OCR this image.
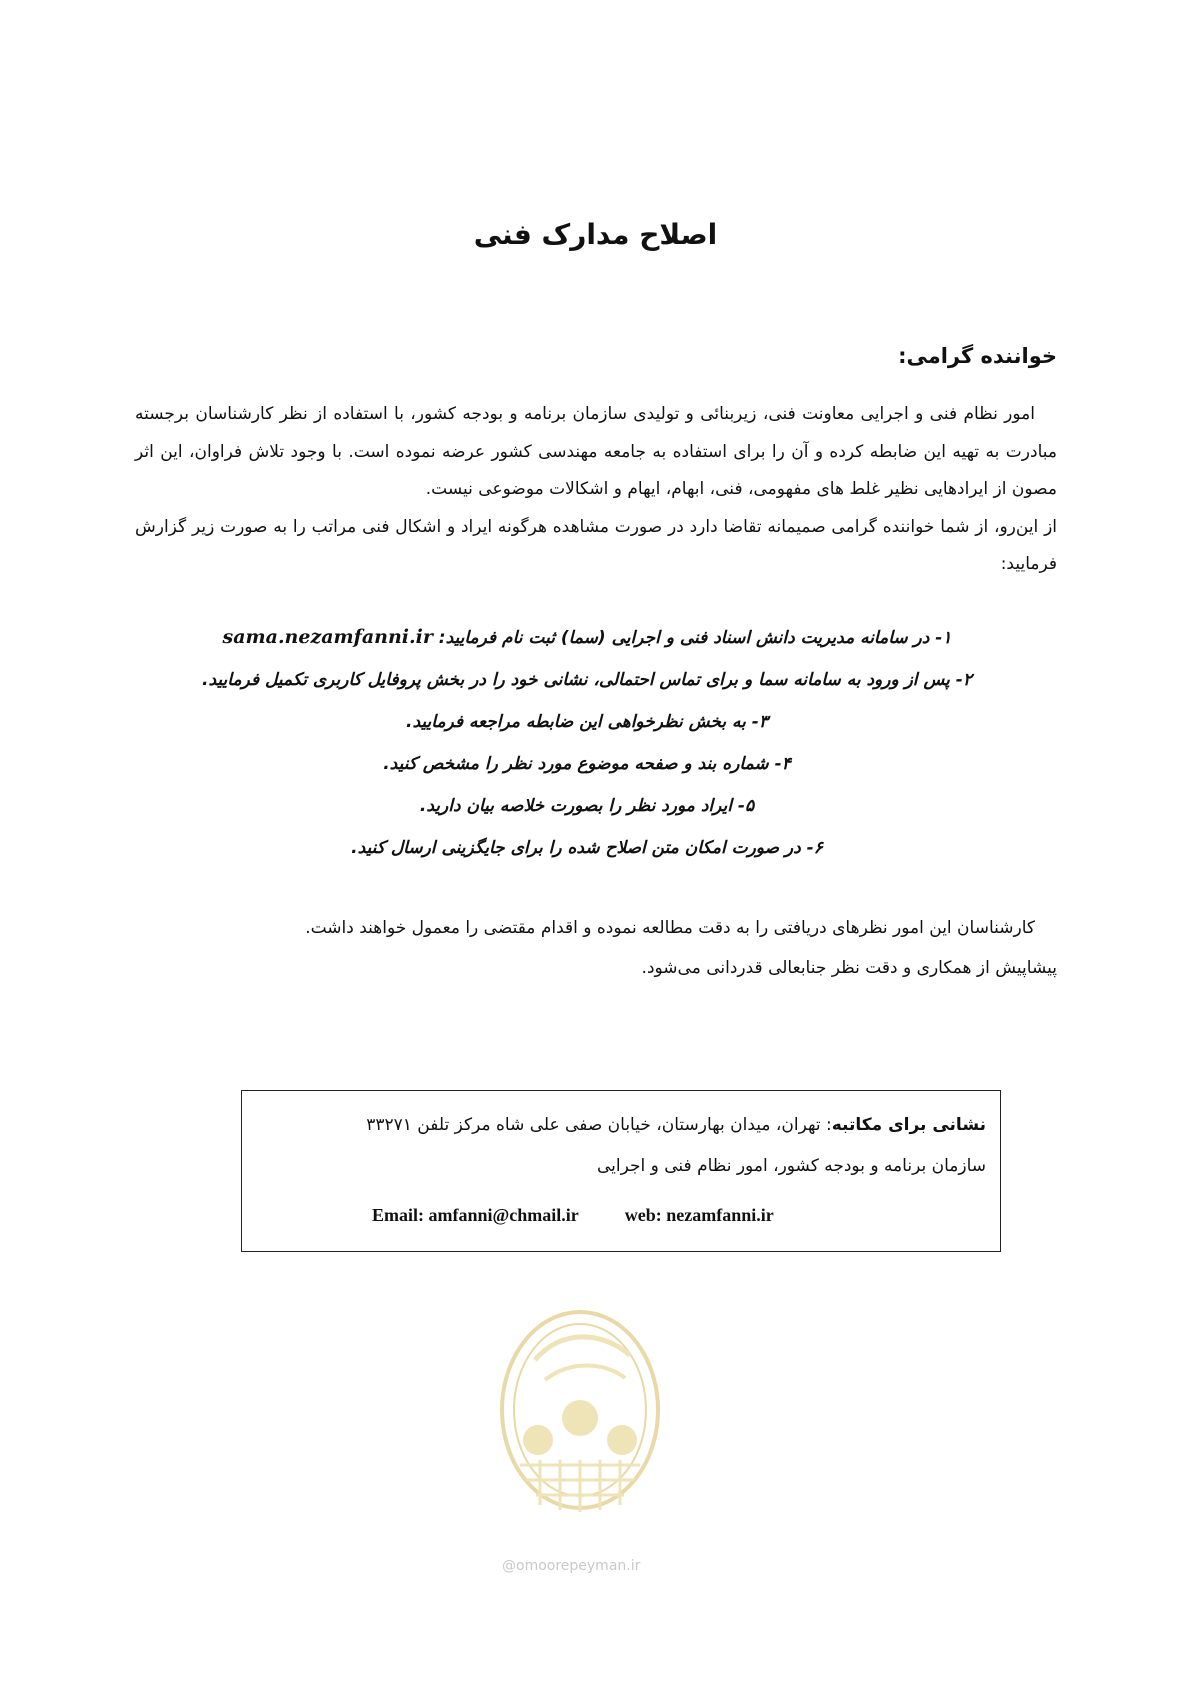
اصلاح مدارک فنی
خواننده گرامی:

امور نظام فنی و اجرایی معاونت فنی، زیربنائی و تولیدی سازمان برنامه و بودجه کشور، با استفاده از نظر کارشناسان برجسته مبادرت به تهیه این ضابطه کرده و آن را برای استفاده به جامعه مهندسی کشور عرضه نموده است. با وجود تلاش فراوان، این اثر مصون از ایرادهایی نظیر غلط های مفهومی، فنی، ابهام، ایهام و اشکالات موضوعی نیست.

از این‌رو، از شما خواننده گرامی صمیمانه تقاضا دارد در صورت مشاهده هرگونه ایراد و اشکال فنی مراتب را به صورت زیر گزارش فرمایید:

۱- در سامانه مدیریت دانش اسناد فنی و اجرایی (سما) ثبت نام فرمایید: sama.nezamfanni.ir
۲- پس از ورود به سامانه سما و برای تماس احتمالی، نشانی خود را در بخش پروفایل کاربری تکمیل فرمایید.
۳- به بخش نظرخواهی این ضابطه مراجعه فرمایید.
۴- شماره بند و صفحه موضوع مورد نظر را مشخص کنید.
۵- ایراد مورد نظر را بصورت خلاصه بیان دارید.
۶- در صورت امکان متن اصلاح شده را برای جایگزینی ارسال کنید.

کارشناسان این امور نظرهای دریافتی را به دقت مطالعه نموده و اقدام مقتضی را معمول خواهند داشت.

پیشاپیش از همکاری و دقت نظر جنابعالی قدردانی می‌شود.

نشانی برای مکاتبه: تهران، میدان بهارستان، خیابان صفی علی شاه مرکز تلفن ۳۳۲۷۱

سازمان برنامه و بودجه کشور، امور نظام فنی و اجرایی

Email: amfanni@chmail.ir	web: nezamfanni.ir
@omoorepeyman.ir
